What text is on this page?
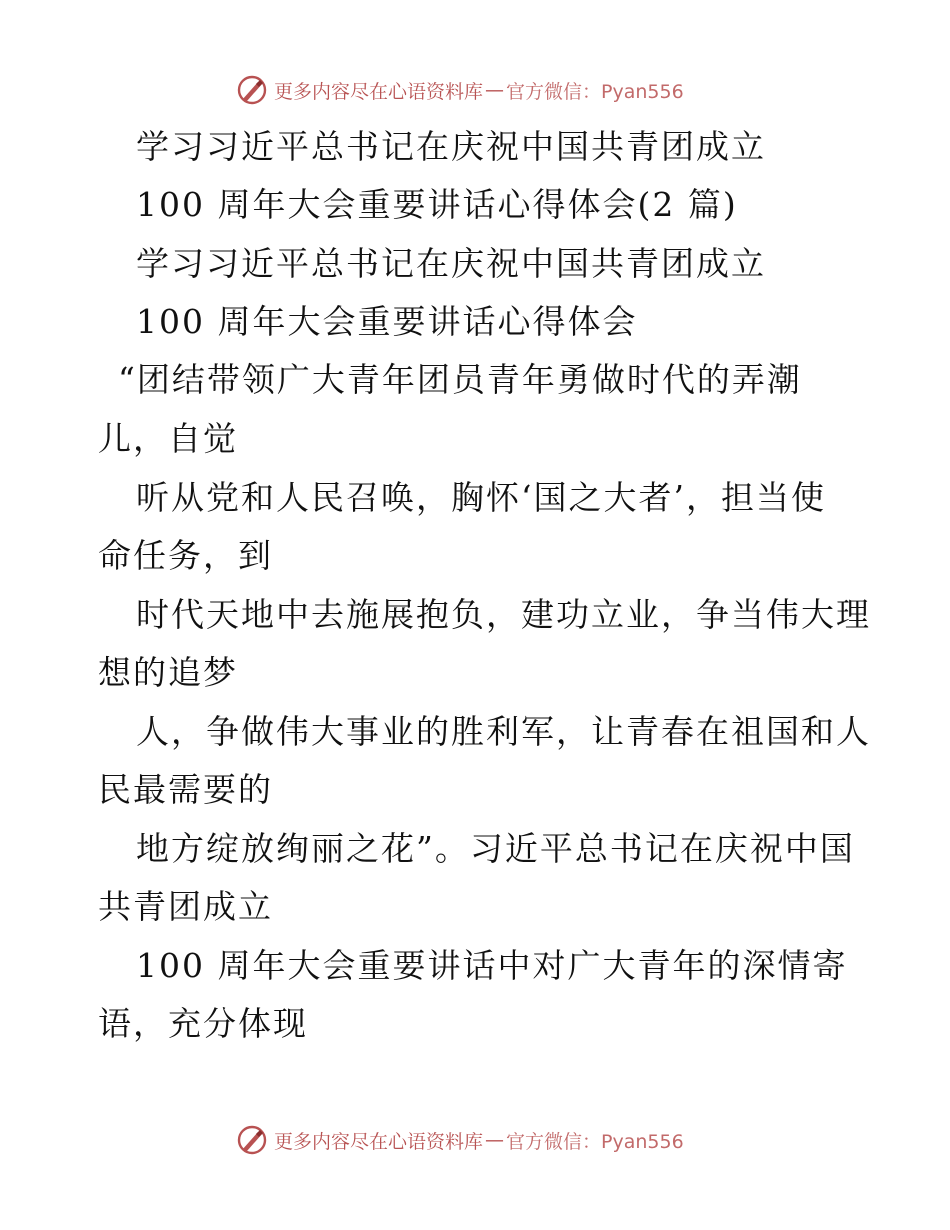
更多内容尽在心语资料库 — 官方微信：Pyan556
学习习近平总书记在庆祝中国共青团成立
100 周年大会重要讲话心得体会(2 篇)
学习习近平总书记在庆祝中国共青团成立
100 周年大会重要讲话心得体会
“团结带领广大青年团员青年勇做时代的弄潮
儿，自觉
听从党和人民召唤，胸怀‘国之大者’，担当使
命任务，到
时代天地中去施展抱负，建功立业，争当伟大理
想的追梦
人，争做伟大事业的胜利军，让青春在祖国和人
民最需要的
地方绽放绚丽之花”。习近平总书记在庆祝中国
共青团成立
100 周年大会重要讲话中对广大青年的深情寄
语，充分体现
更多内容尽在心语资料库 — 官方微信：Pyan556
